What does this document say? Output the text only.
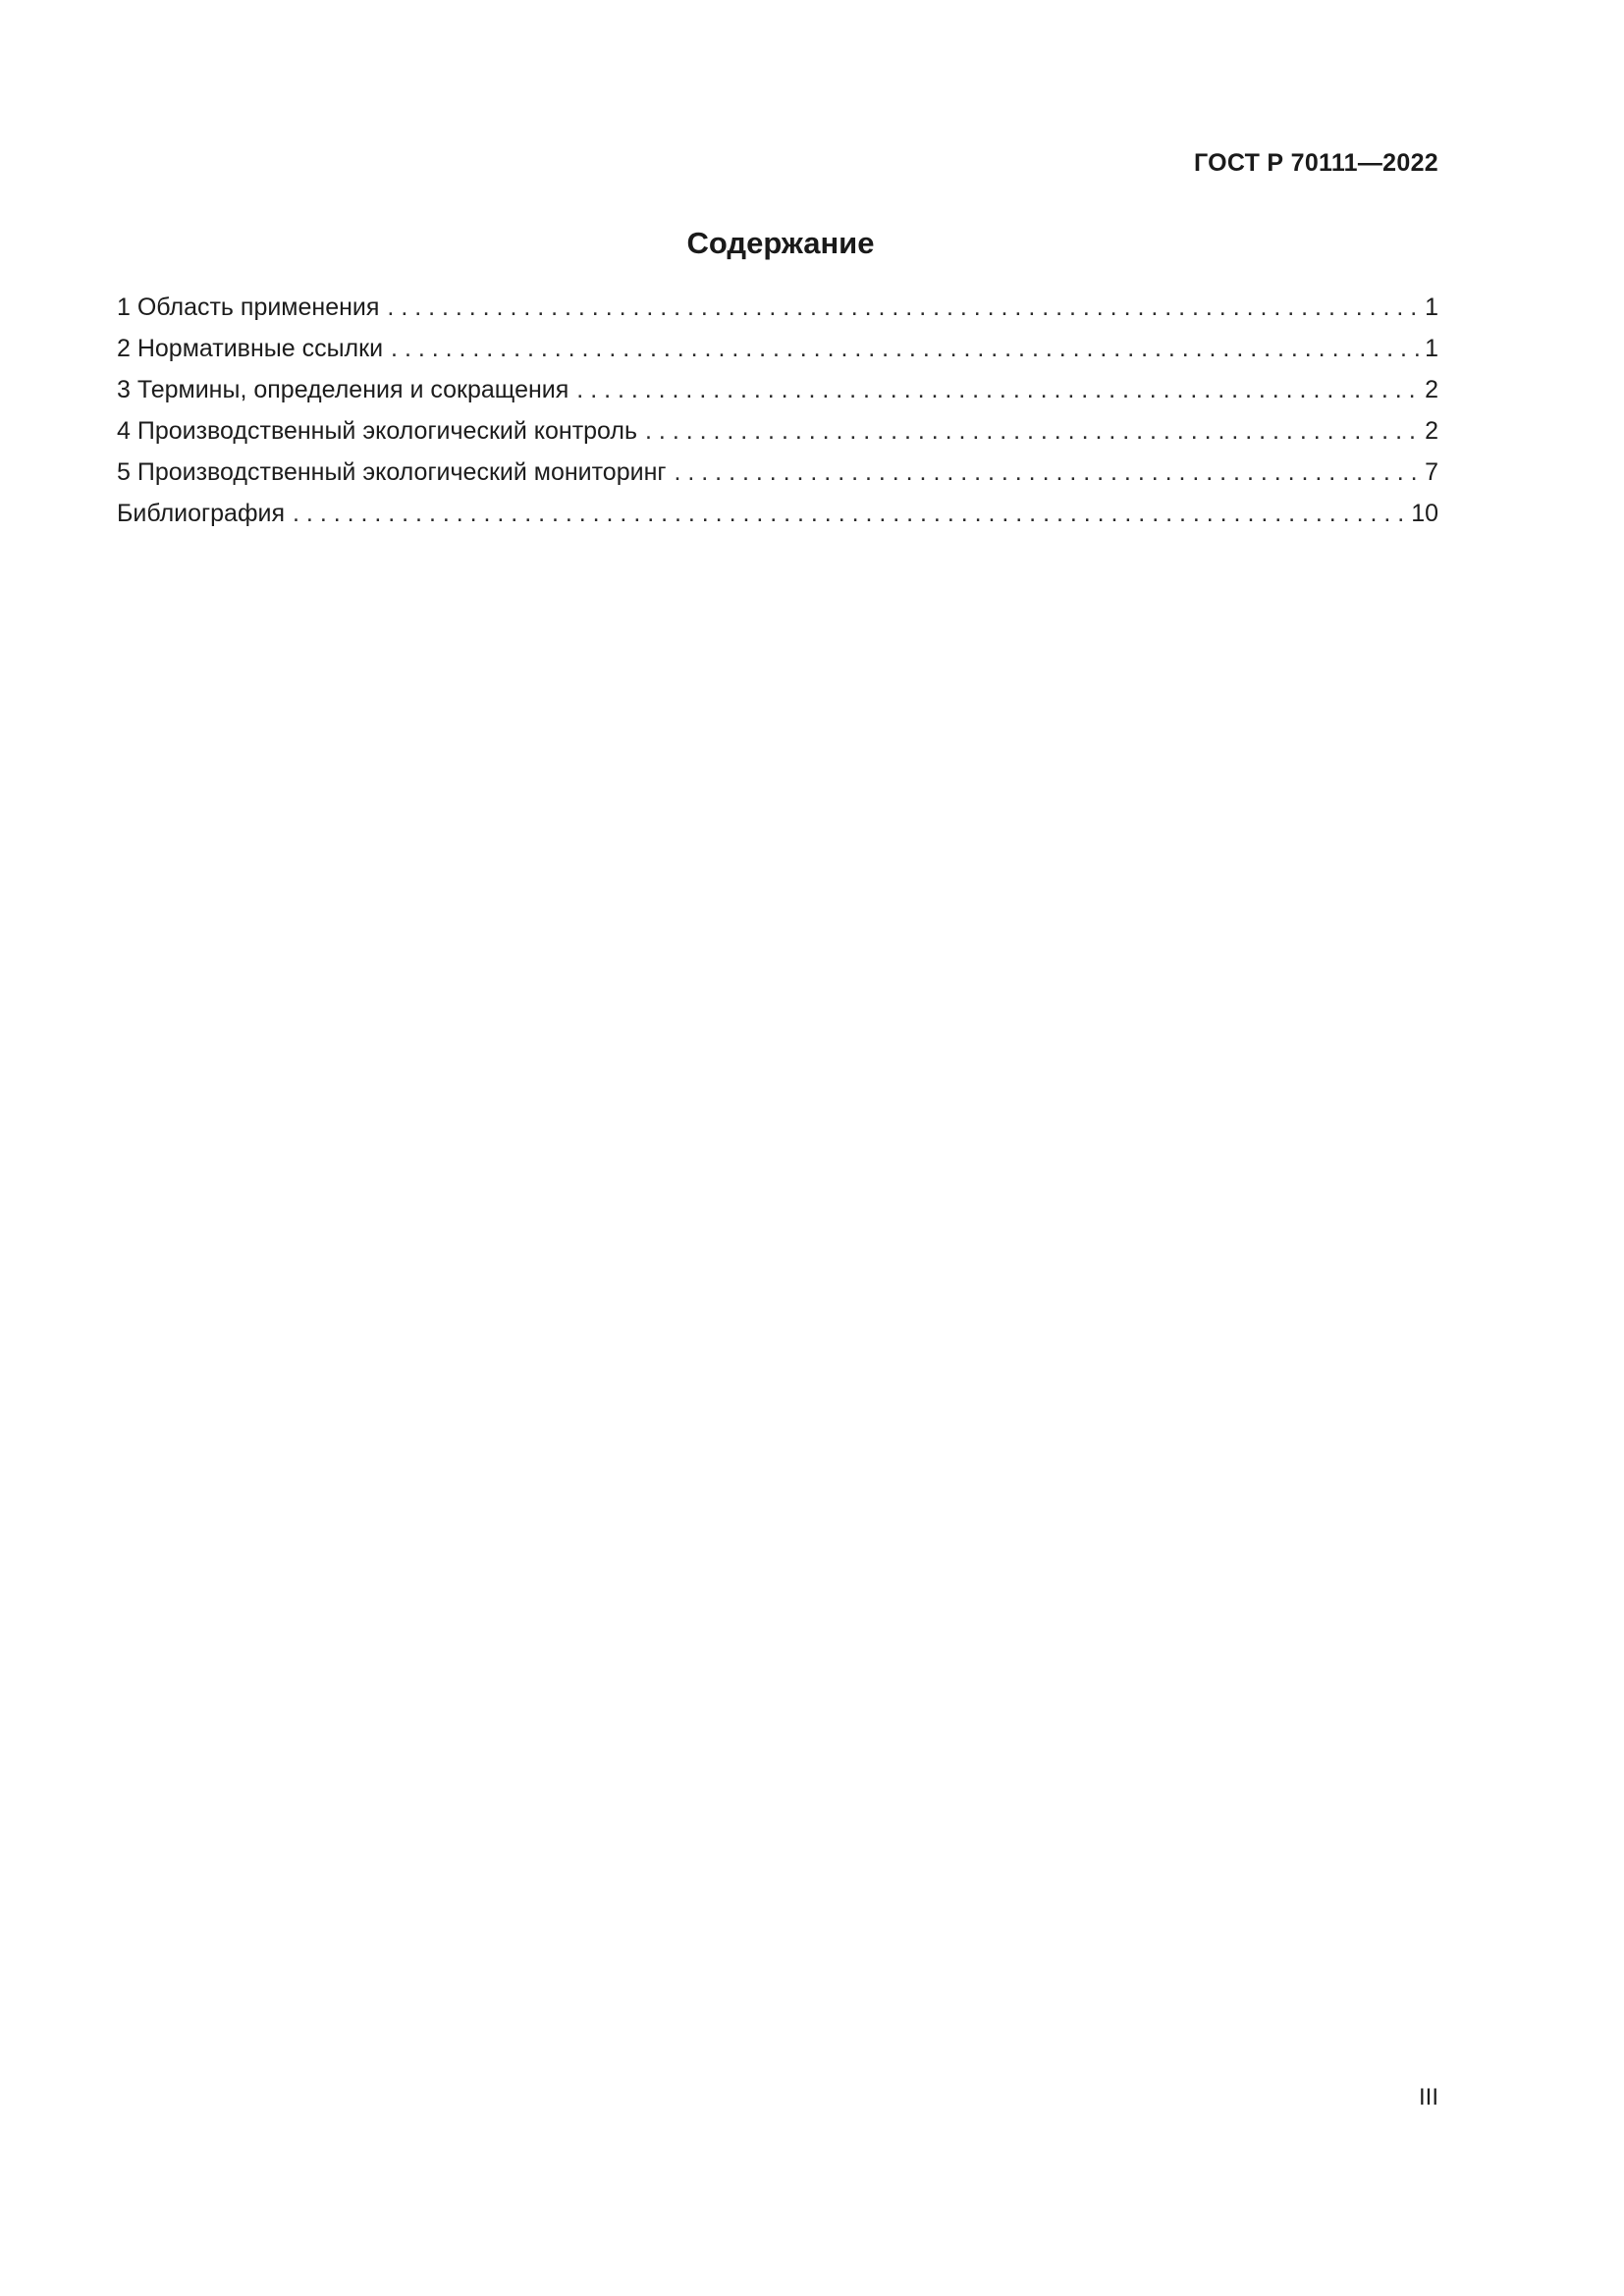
ГОСТ Р 70111—2022
Содержание
1 Область применения . . .	1
2 Нормативные ссылки . . .	1
3 Термины, определения и сокращения . . .	2
4 Производственный экологический контроль . . .	2
5 Производственный экологический мониторинг . . .	7
Библиография . . .	10
III
